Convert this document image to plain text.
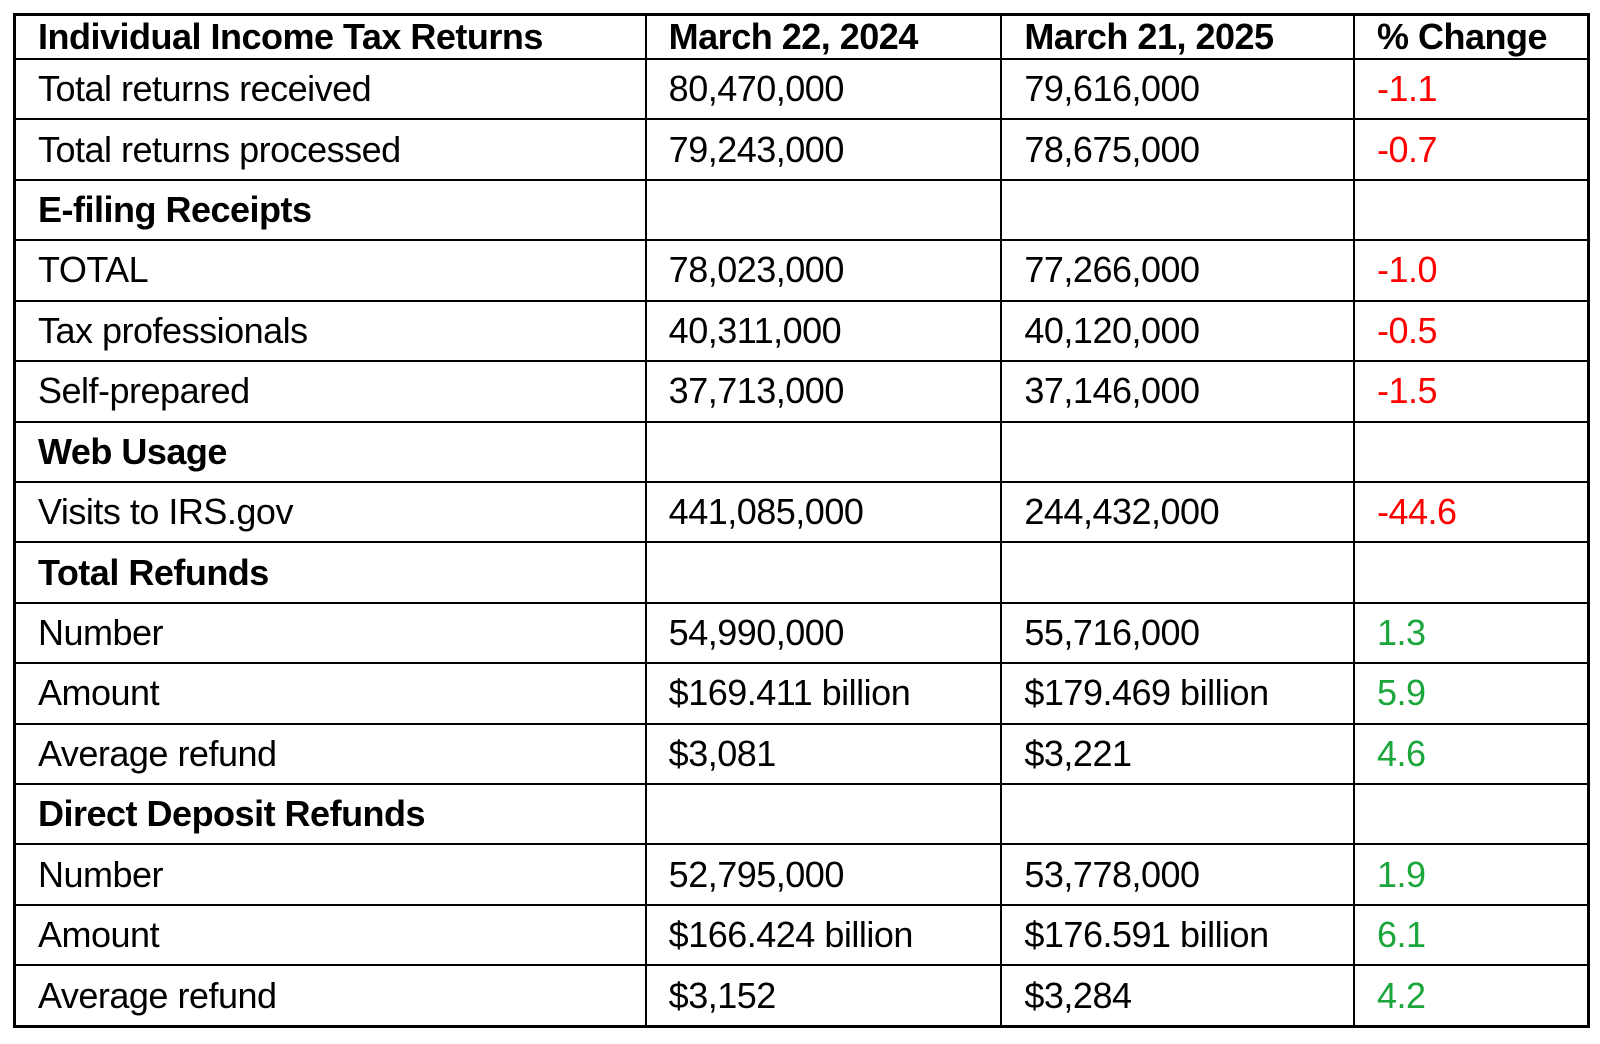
Individual Income Tax Returns	March 22, 2024	March 21, 2025	% Change
Total returns received	80,470,000	79,616,000	-1.1
Total returns processed	79,243,000	78,675,000	-0.7
E-filing Receipts			
TOTAL	78,023,000	77,266,000	-1.0
Tax professionals	40,311,000	40,120,000	-0.5
Self-prepared	37,713,000	37,146,000	-1.5
Web Usage			
Visits to IRS.gov	441,085,000	244,432,000	-44.6
Total Refunds			
Number	54,990,000	55,716,000	1.3
Amount	$169.411 billion	$179.469 billion	5.9
Average refund	$3,081	$3,221	4.6
Direct Deposit Refunds			
Number	52,795,000	53,778,000	1.9
Amount	$166.424 billion	$176.591 billion	6.1
Average refund	$3,152	$3,284	4.2
